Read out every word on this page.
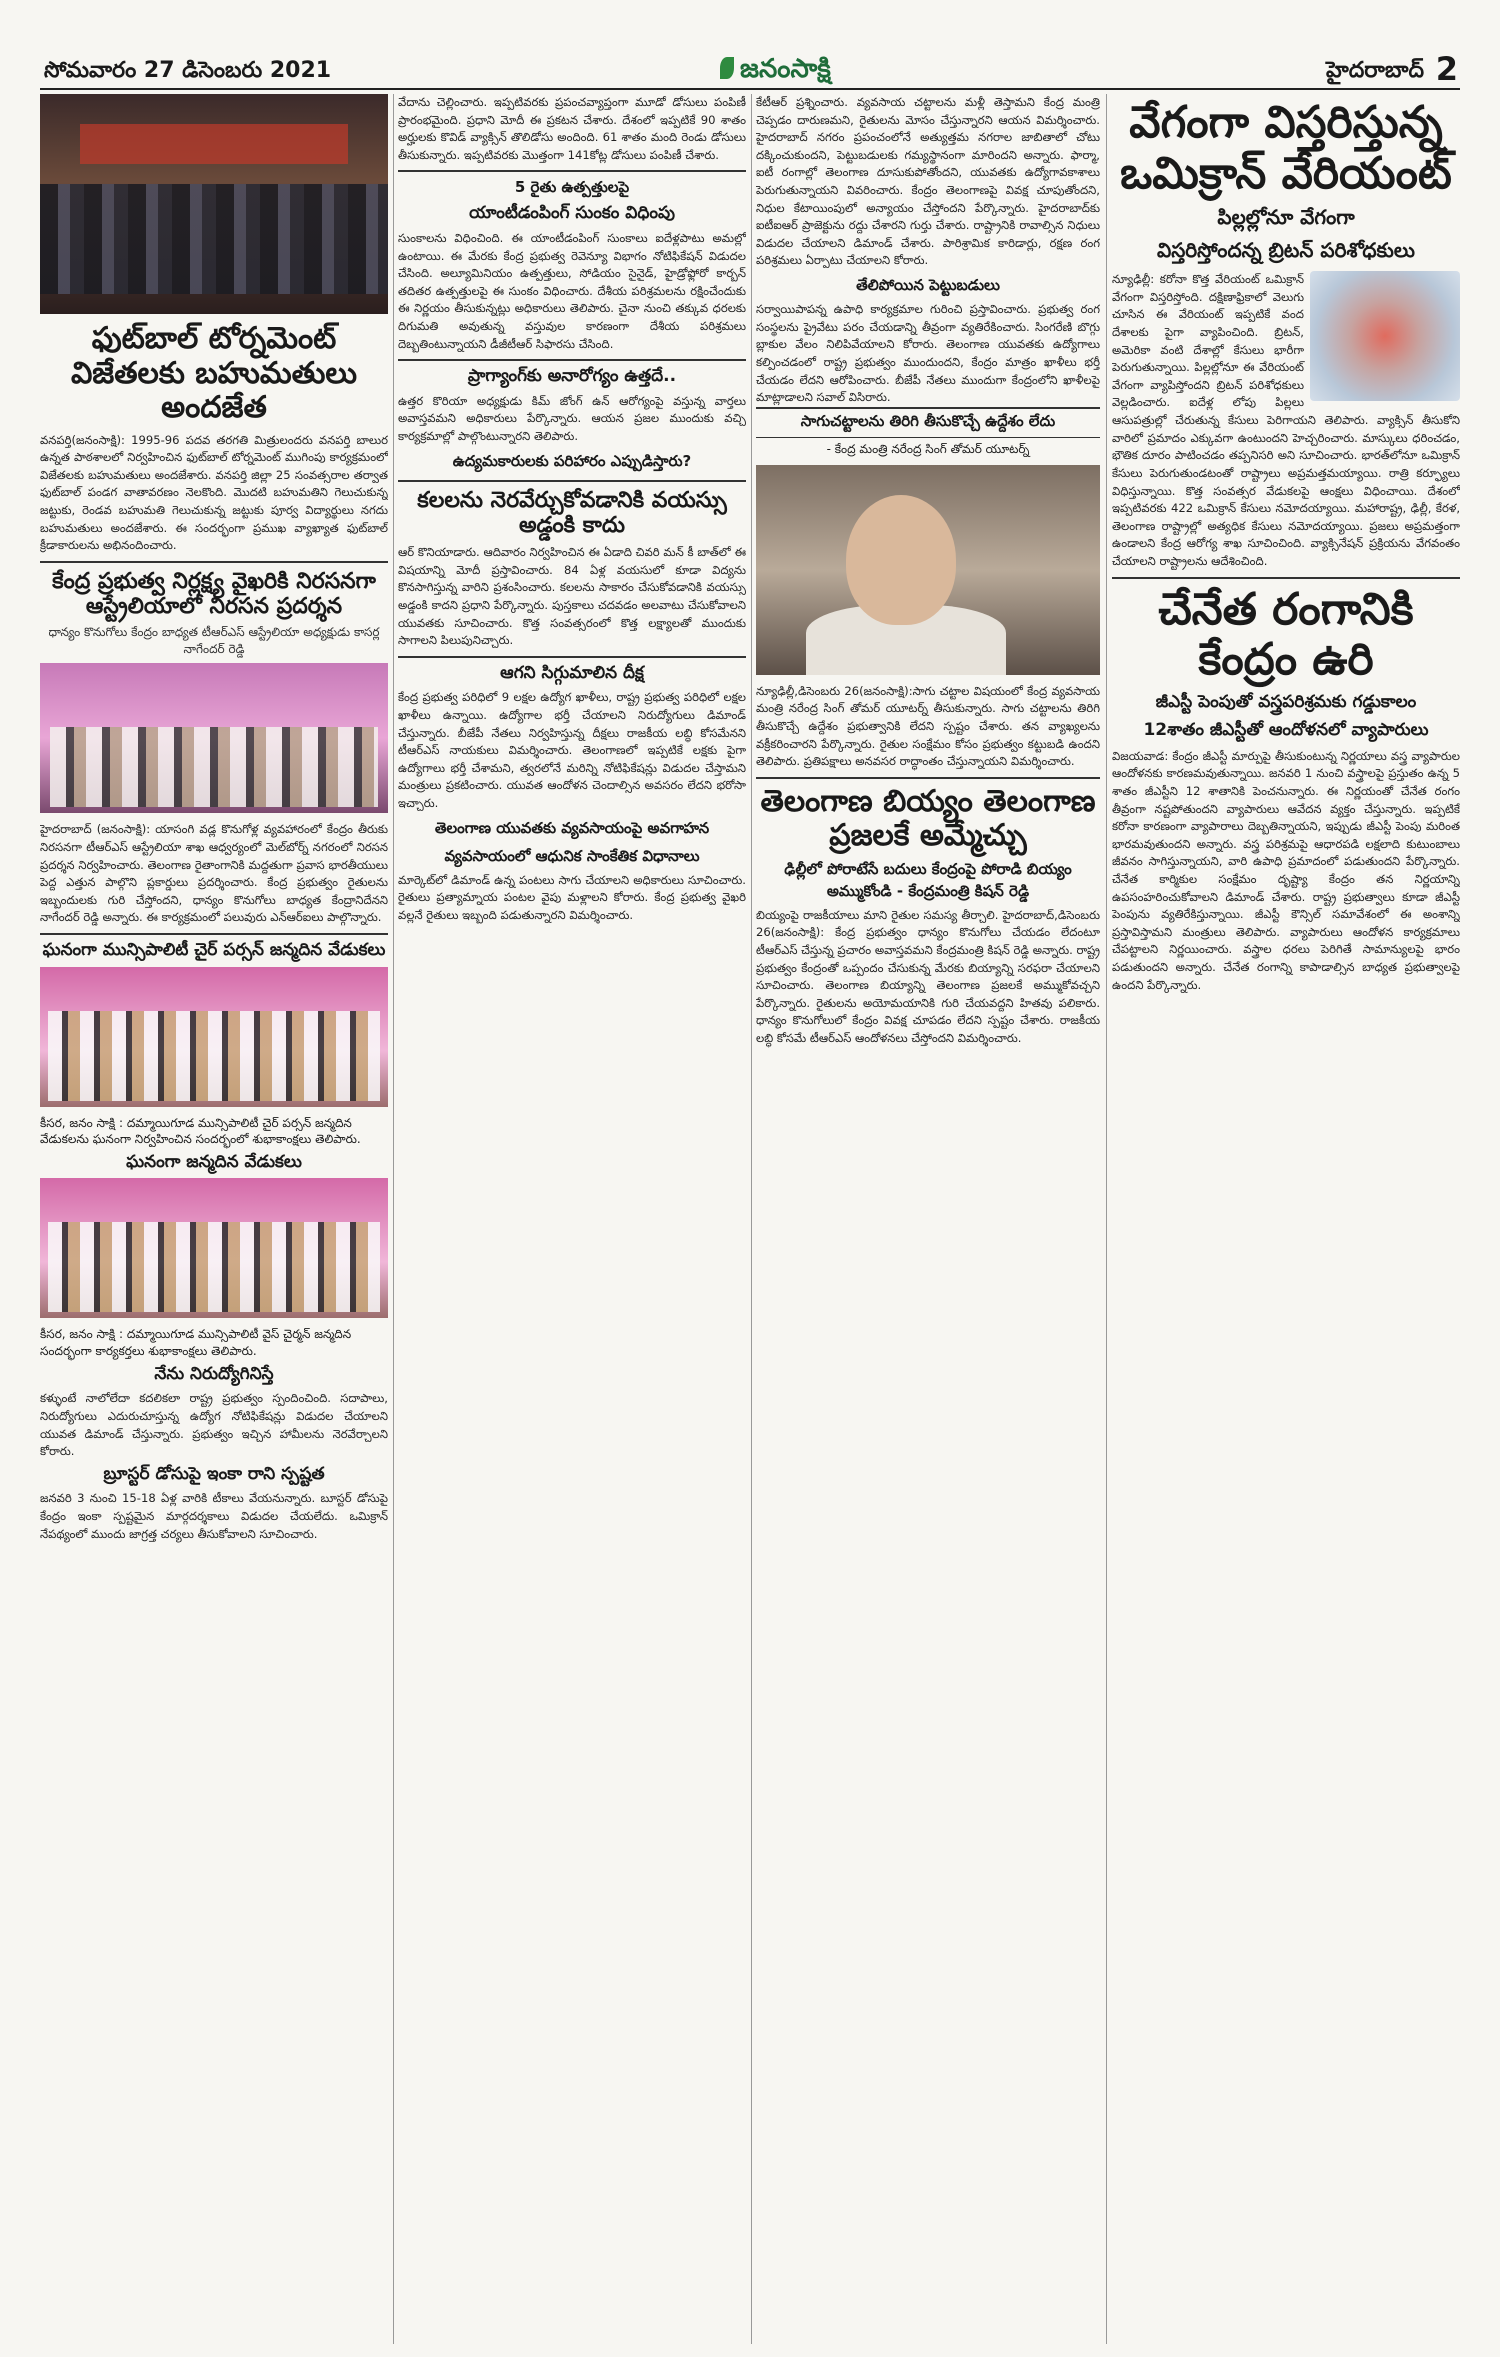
సోమవారం 27 డిసెంబరు 2021	జనంసాక్షి	హైదరాబాద్ 2
ఫుట్‌బాల్‌ టోర్నమెంట్‌ విజేతలకు బహుమతులు అందజేత
వనపర్తి(జనంసాక్షి): 1995-96 పదవ తరగతి మిత్రులందరు వనపర్తి బాలుర ఉన్నత పాఠశాలలో నిర్వహించిన ఫుట్‌బాల్‌ టోర్నమెంట్‌ ముగింపు కార్యక్రమంలో విజేతలకు బహుమతులు అందజేశారు. వనపర్తి జిల్లా 25 సంవత్సరాల తర్వాత ఫుట్‌బాల్‌ పండగ వాతావరణం నెలకొంది. మొదటి బహుమతిని గెలుచుకున్న జట్టుకు, రెండవ బహుమతి గెలుచుకున్న జట్టుకు పూర్వ విద్యార్థులు నగదు బహుమతులు అందజేశారు. ఈ సందర్భంగా ప్రముఖ వ్యాఖ్యాత ఫుట్‌బాల్‌ క్రీడాకారులను అభినందించారు.
కేంద్ర ప్రభుత్వ నిర్లక్ష్య వైఖరికి నిరసనగా ఆస్ట్రేలియాలో నిరసన ప్రదర్శన
ధాన్యం కొనుగోలు కేంద్రం బాధ్యత టీఆర్‌ఎస్‌ ఆస్ట్రేలియా అధ్యక్షుడు కాసర్ల నాగేందర్‌ రెడ్డి
హైదరాబాద్‌ (జనంసాక్షి): యాసంగి వడ్ల కొనుగోళ్ల వ్యవహారంలో కేంద్రం తీరుకు నిరసనగా టీఆర్‌ఎస్‌ ఆస్ట్రేలియా శాఖ ఆధ్వర్యంలో మెల్‌బోర్న్‌ నగరంలో నిరసన ప్రదర్శన నిర్వహించారు. తెలంగాణ రైతాంగానికి మద్దతుగా ప్రవాస భారతీయులు పెద్ద ఎత్తున పాల్గొని ప్లకార్డులు ప్రదర్శించారు. కేంద్ర ప్రభుత్వం రైతులను ఇబ్బందులకు గురి చేస్తోందని, ధాన్యం కొనుగోలు బాధ్యత కేంద్రానిదేనని నాగేందర్‌ రెడ్డి అన్నారు. ఈ కార్యక్రమంలో పలువురు ఎన్‌ఆర్‌ఐలు పాల్గొన్నారు.
ఘనంగా మున్సిపాలిటీ చైర్‌ పర్సన్‌ జన్మదిన వేడుకలు
కీసర, జనం సాక్షి : దమ్మాయిగూడ మున్సిపాలిటీ చైర్‌ పర్సన్‌ జన్మదిన వేడుకలను ఘనంగా నిర్వహించిన సందర్భంలో శుభాకాంక్షలు తెలిపారు.
ఘనంగా జన్మదిన వేడుకలు
కీసర, జనం సాక్షి : దమ్మాయిగూడ మున్సిపాలిటీ వైస్‌ చైర్మన్‌ జన్మదిన సందర్భంగా కార్యకర్తలు శుభాకాంక్షలు తెలిపారు.
నేను నిరుద్యోగినిస్తే
కళ్ళుంటే నాలోలేదా కదలికలా రాష్ట్ర ప్రభుత్వం స్పందించింది. సదాపాలు, నిరుద్యోగులు ఎదురుచూస్తున్న ఉద్యోగ నోటిఫికేషన్లు విడుదల చేయాలని యువత డిమాండ్‌ చేస్తున్నారు. ప్రభుత్వం ఇచ్చిన హామీలను నెరవేర్చాలని కోరారు.
బ్రూస్టర్‌ డోసుపై ఇంకా రాని స్పష్టత
జనవరి 3 నుంచి 15-18 ఏళ్ల వారికి టీకాలు వేయనున్నారు. బూస్టర్‌ డోసుపై కేంద్రం ఇంకా స్పష్టమైన మార్గదర్శకాలు విడుదల చేయలేదు. ఒమిక్రాన్‌ నేపథ్యంలో ముందు జాగ్రత్త చర్యలు తీసుకోవాలని సూచించారు.
వేదాను చెల్లించారు. ఇప్పటివరకు ప్రపంచవ్యాప్తంగా మూడో డోసులు పంపిణీ ప్రారంభమైంది. ప్రధాని మోదీ ఈ ప్రకటన చేశారు. దేశంలో ఇప్పటికే 90 శాతం అర్హులకు కొవిడ్‌ వ్యాక్సిన్‌ తొలిడోసు అందింది. 61 శాతం మంది రెండు డోసులు తీసుకున్నారు. ఇప్పటివరకు మొత్తంగా 141కోట్ల డోసులు పంపిణీ చేశారు.
5 రైతు ఉత్పత్తులపై
యాంటీడంపింగ్‌ సుంకం విధింపు
సుంకాలను విధించింది. ఈ యాంటీడంపింగ్‌ సుంకాలు ఐదేళ్లపాటు అమల్లో ఉంటాయి. ఈ మేరకు కేంద్ర ప్రభుత్వ రెవెన్యూ విభాగం నోటిఫికేషన్‌ విడుదల చేసింది. అల్యూమినియం ఉత్పత్తులు, సోడియం సైనైడ్‌, హైడ్రోఫ్లోరో కార్బన్‌ తదితర ఉత్పత్తులపై ఈ సుంకం విధించారు. దేశీయ పరిశ్రమలను రక్షించేందుకు ఈ నిర్ణయం తీసుకున్నట్లు అధికారులు తెలిపారు. చైనా నుంచి తక్కువ ధరలకు దిగుమతి అవుతున్న వస్తువుల కారణంగా దేశీయ పరిశ్రమలు దెబ్బతింటున్నాయని డీజీటీఆర్‌ సిఫారసు చేసింది.
ప్రాగ్యాంగ్‌కు అనారోగ్యం ఉత్తదే..
ఉత్తర కొరియా అధ్యక్షుడు కిమ్‌ జోంగ్‌ ఉన్‌ ఆరోగ్యంపై వస్తున్న వార్తలు అవాస్తవమని అధికారులు పేర్కొన్నారు. ఆయన ప్రజల ముందుకు వచ్చి కార్యక్రమాల్లో పాల్గొంటున్నారని తెలిపారు.
ఉద్యమకారులకు పరిహారం ఎప్పుడిస్తారు?
కలలను నెరవేర్చుకోవడానికి వయస్సు అడ్డంకి కాదు
ఆర్ కొనియాడారు. ఆదివారం నిర్వహించిన ఈ ఏడాది చివరి మన్‌ కీ బాత్‌లో ఈ విషయాన్ని మోదీ ప్రస్తావించారు. 84 ఏళ్ల వయసులో కూడా విద్యను కొనసాగిస్తున్న వారిని ప్రశంసించారు. కలలను సాకారం చేసుకోవడానికి వయస్సు అడ్డంకి కాదని ప్రధాని పేర్కొన్నారు. పుస్తకాలు చదవడం అలవాటు చేసుకోవాలని యువతకు సూచించారు. కొత్త సంవత్సరంలో కొత్త లక్ష్యాలతో ముందుకు సాగాలని పిలుపునిచ్చారు.
ఆగని సిగ్గుమాలిన దీక్ష
కేంద్ర ప్రభుత్వ పరిధిలో 9 లక్షల ఉద్యోగ ఖాళీలు, రాష్ట్ర ప్రభుత్వ పరిధిలో లక్షల ఖాళీలు ఉన్నాయి. ఉద్యోగాల భర్తీ చేయాలని నిరుద్యోగులు డిమాండ్‌ చేస్తున్నారు. బీజేపీ నేతలు నిర్వహిస్తున్న దీక్షలు రాజకీయ లబ్ధి కోసమేనని టీఆర్‌ఎస్‌ నాయకులు విమర్శించారు. తెలంగాణలో ఇప్పటికే లక్షకు పైగా ఉద్యోగాలు భర్తీ చేశామని, త్వరలోనే మరిన్ని నోటిఫికేషన్లు విడుదల చేస్తామని మంత్రులు ప్రకటించారు. యువత ఆందోళన చెందాల్సిన అవసరం లేదని భరోసా ఇచ్చారు.
తెలంగాణ యువతకు వ్యవసాయంపై అవగాహన
వ్యవసాయంలో ఆధునిక సాంకేతిక విధానాలు
మార్కెట్‌లో డిమాండ్‌ ఉన్న పంటలు సాగు చేయాలని అధికారులు సూచించారు. రైతులు ప్రత్యామ్నాయ పంటల వైపు మళ్లాలని కోరారు. కేంద్ర ప్రభుత్వ వైఖరి వల్లనే రైతులు ఇబ్బంది పడుతున్నారని విమర్శించారు.
కేటీఆర్‌ ప్రశ్నించారు. వ్యవసాయ చట్టాలను మళ్లీ తెస్తామని కేంద్ర మంత్రి చెప్పడం దారుణమని, రైతులను మోసం చేస్తున్నారని ఆయన విమర్శించారు. హైదరాబాద్‌ నగరం ప్రపంచంలోనే అత్యుత్తమ నగరాల జాబితాలో చోటు దక్కించుకుందని, పెట్టుబడులకు గమ్యస్థానంగా మారిందని అన్నారు. ఫార్మా, ఐటీ రంగాల్లో తెలంగాణ దూసుకుపోతోందని, యువతకు ఉద్యోగావకాశాలు పెరుగుతున్నాయని వివరించారు. కేంద్రం తెలంగాణపై వివక్ష చూపుతోందని, నిధుల కేటాయింపులో అన్యాయం చేస్తోందని పేర్కొన్నారు. హైదరాబాద్‌కు ఐటీఐఆర్‌ ప్రాజెక్టును రద్దు చేశారని గుర్తు చేశారు. రాష్ట్రానికి రావాల్సిన నిధులు విడుదల చేయాలని డిమాండ్‌ చేశారు. పారిశ్రామిక కారిడార్లు, రక్షణ రంగ పరిశ్రమలు ఏర్పాటు చేయాలని కోరారు.
తేలిపోయిన పెట్టుబడులు
సర్వాయిపాపన్న ఉపాధి కార్యక్రమాల గురించి ప్రస్తావించారు. ప్రభుత్వ రంగ సంస్థలను ప్రైవేటు పరం చేయడాన్ని తీవ్రంగా వ్యతిరేకించారు. సింగరేణి బొగ్గు బ్లాకుల వేలం నిలిపివేయాలని కోరారు. తెలంగాణ యువతకు ఉద్యోగాలు కల్పించడంలో రాష్ట్ర ప్రభుత్వం ముందుందని, కేంద్రం మాత్రం ఖాళీలు భర్తీ చేయడం లేదని ఆరోపించారు. బీజేపీ నేతలు ముందుగా కేంద్రంలోని ఖాళీలపై మాట్లాడాలని సవాల్‌ విసిరారు.
సాగుచట్టాలను తిరిగి తీసుకొచ్చే ఉద్దేశం లేదు
- కేంద్ర మంత్రి నరేంద్ర సింగ్‌ తోమర్‌ యూటర్న్‌
న్యూఢిల్లీ,డిసెంబరు 26(జనంసాక్షి):సాగు చట్టాల విషయంలో కేంద్ర వ్యవసాయ మంత్రి నరేంద్ర సింగ్‌ తోమర్‌ యూటర్న్‌ తీసుకున్నారు. సాగు చట్టాలను తిరిగి తీసుకొచ్చే ఉద్దేశం ప్రభుత్వానికి లేదని స్పష్టం చేశారు. తన వ్యాఖ్యలను వక్రీకరించారని పేర్కొన్నారు. రైతుల సంక్షేమం కోసం ప్రభుత్వం కట్టుబడి ఉందని తెలిపారు. ప్రతిపక్షాలు అనవసర రాద్ధాంతం చేస్తున్నాయని విమర్శించారు.
తెలంగాణ బియ్యం తెలంగాణ ప్రజలకే అమ్మేచ్చు
ఢిల్లీలో పోరాటేసే బదులు కేంద్రంపై పోరాడి బియ్యం అమ్ముకోండి - కేంద్రమంత్రి కిషన్‌ రెడ్డి
బియ్యంపై రాజకీయాలు మాని రైతుల సమస్య తీర్చాలి. హైదరాబాద్‌,డిసెంబరు 26(జనంసాక్షి): కేంద్ర ప్రభుత్వం ధాన్యం కొనుగోలు చేయడం లేదంటూ టీఆర్‌ఎస్‌ చేస్తున్న ప్రచారం అవాస్తవమని కేంద్రమంత్రి కిషన్‌ రెడ్డి అన్నారు. రాష్ట్ర ప్రభుత్వం కేంద్రంతో ఒప్పందం చేసుకున్న మేరకు బియ్యాన్ని సరఫరా చేయాలని సూచించారు. తెలంగాణ బియ్యాన్ని తెలంగాణ ప్రజలకే అమ్ముకోవచ్చని పేర్కొన్నారు. రైతులను అయోమయానికి గురి చేయవద్దని హితవు పలికారు. ధాన్యం కొనుగోలులో కేంద్రం వివక్ష చూపడం లేదని స్పష్టం చేశారు. రాజకీయ లబ్ధి కోసమే టీఆర్‌ఎస్‌ ఆందోళనలు చేస్తోందని విమర్శించారు.
వేగంగా విస్తరిస్తున్న ఒమిక్రాన్‌ వేరియంట్‌
పిల్లల్లోనూ వేగంగా
విస్తరిస్తోందన్న బ్రిటన్‌ పరిశోధకులు
న్యూఢిల్లీ: కరోనా కొత్త వేరియంట్‌ ఒమిక్రాన్‌ వేగంగా విస్తరిస్తోంది. దక్షిణాఫ్రికాలో వెలుగు చూసిన ఈ వేరియంట్‌ ఇప్పటికే వంద దేశాలకు పైగా వ్యాపించింది. బ్రిటన్‌, అమెరికా వంటి దేశాల్లో కేసులు భారీగా పెరుగుతున్నాయి. పిల్లల్లోనూ ఈ వేరియంట్‌ వేగంగా వ్యాపిస్తోందని బ్రిటన్‌ పరిశోధకులు వెల్లడించారు. ఐదేళ్ల లోపు పిల్లలు ఆసుపత్రుల్లో చేరుతున్న కేసులు పెరిగాయని తెలిపారు. వ్యాక్సిన్‌ తీసుకోని వారిలో ప్రమాదం ఎక్కువగా ఉంటుందని హెచ్చరించారు. మాస్కులు ధరించడం, భౌతిక దూరం పాటించడం తప్పనిసరి అని సూచించారు. భారత్‌లోనూ ఒమిక్రాన్‌ కేసులు పెరుగుతుండటంతో రాష్ట్రాలు అప్రమత్తమయ్యాయి. రాత్రి కర్ఫ్యూలు విధిస్తున్నాయి. కొత్త సంవత్సర వేడుకలపై ఆంక్షలు విధించాయి. దేశంలో ఇప్పటివరకు 422 ఒమిక్రాన్‌ కేసులు నమోదయ్యాయి. మహారాష్ట్ర, ఢిల్లీ, కేరళ, తెలంగాణ రాష్ట్రాల్లో అత్యధిక కేసులు నమోదయ్యాయి. ప్రజలు అప్రమత్తంగా ఉండాలని కేంద్ర ఆరోగ్య శాఖ సూచించింది. వ్యాక్సినేషన్‌ ప్రక్రియను వేగవంతం చేయాలని రాష్ట్రాలను ఆదేశించింది.
చేనేత రంగానికి కేంద్రం ఉరి
జీఎస్టీ పెంపుతో వస్త్రపరిశ్రమకు గడ్డుకాలం
12శాతం జీఎస్టీతో ఆందోళనలో వ్యాపారులు
విజయవాడ: కేంద్రం జీఎస్టీ మార్పుపై తీసుకుంటున్న నిర్ణయాలు వస్త్ర వ్యాపారుల ఆందోళనకు కారణమవుతున్నాయి. జనవరి 1 నుంచి వస్త్రాలపై ప్రస్తుతం ఉన్న 5 శాతం జీఎస్టీని 12 శాతానికి పెంచనున్నారు. ఈ నిర్ణయంతో చేనేత రంగం తీవ్రంగా నష్టపోతుందని వ్యాపారులు ఆవేదన వ్యక్తం చేస్తున్నారు. ఇప్పటికే కరోనా కారణంగా వ్యాపారాలు దెబ్బతిన్నాయని, ఇప్పుడు జీఎస్టీ పెంపు మరింత భారమవుతుందని అన్నారు. వస్త్ర పరిశ్రమపై ఆధారపడి లక్షలాది కుటుంబాలు జీవనం సాగిస్తున్నాయని, వారి ఉపాధి ప్రమాదంలో పడుతుందని పేర్కొన్నారు. చేనేత కార్మికుల సంక్షేమం దృష్ట్యా కేంద్రం తన నిర్ణయాన్ని ఉపసంహరించుకోవాలని డిమాండ్‌ చేశారు. రాష్ట్ర ప్రభుత్వాలు కూడా జీఎస్టీ పెంపును వ్యతిరేకిస్తున్నాయి. జీఎస్టీ కౌన్సిల్‌ సమావేశంలో ఈ అంశాన్ని ప్రస్తావిస్తామని మంత్రులు తెలిపారు. వ్యాపారులు ఆందోళన కార్యక్రమాలు చేపట్టాలని నిర్ణయించారు. వస్త్రాల ధరలు పెరిగితే సామాన్యులపై భారం పడుతుందని అన్నారు. చేనేత రంగాన్ని కాపాడాల్సిన బాధ్యత ప్రభుత్వాలపై ఉందని పేర్కొన్నారు.
